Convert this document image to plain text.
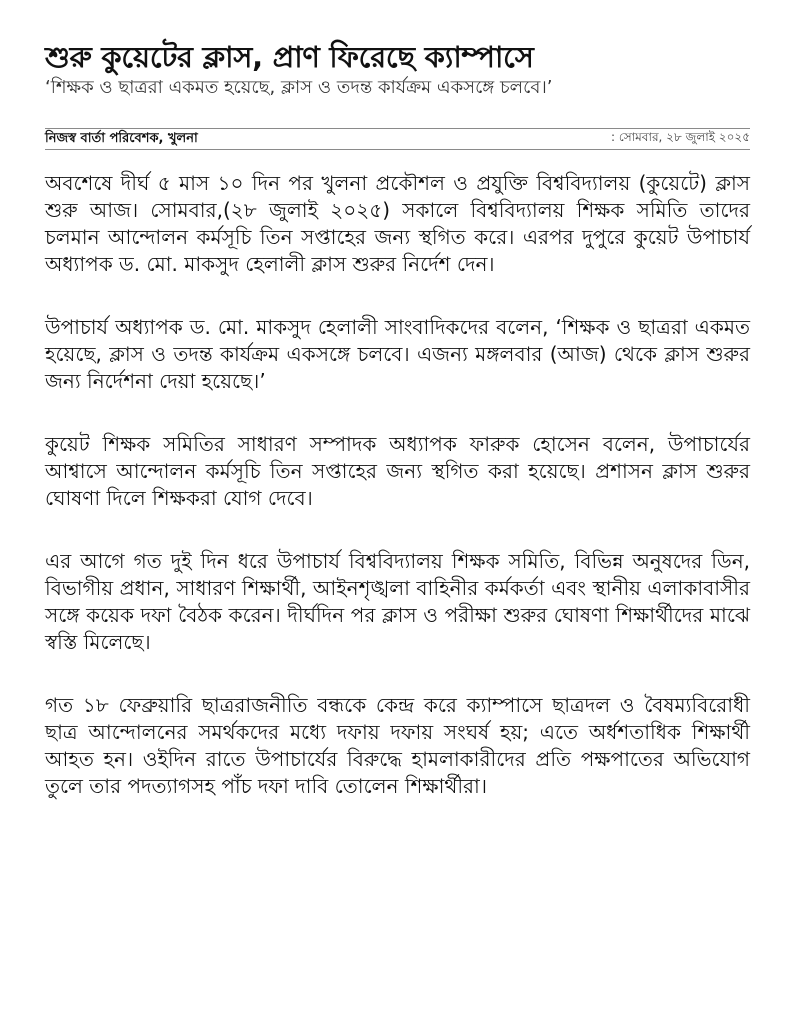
শুরু কুয়েটের ক্লাস, প্রাণ ফিরেছে ক্যাম্পাসে

‘শিক্ষক ও ছাত্ররা একমত হয়েছে, ক্লাস ও তদন্ত কার্যক্রম একসঙ্গে চলবে।’

নিজস্ব বার্তা পরিবেশক, খুলনা	: সোমবার, ২৮ জুলাই ২০২৫

অবশেষে দীর্ঘ ৫ মাস ১০ দিন পর খুলনা প্রকৌশল ও প্রযুক্তি বিশ্ববিদ্যালয় (কুয়েটে) ক্লাস শুরু আজ। সোমবার,(২৮ জুলাই ২০২৫) সকালে বিশ্ববিদ্যালয় শিক্ষক সমিতি তাদের চলমান আন্দোলন কর্মসূচি তিন সপ্তাহের জন্য স্থগিত করে। এরপর দুপুরে কুয়েট উপাচার্য অধ্যাপক ড. মো. মাকসুদ হেলালী ক্লাস শুরুর নির্দেশ দেন।

উপাচার্য অধ্যাপক ড. মো. মাকসুদ হেলালী সাংবাদিকদের বলেন, ‘শিক্ষক ও ছাত্ররা একমত হয়েছে, ক্লাস ও তদন্ত কার্যক্রম একসঙ্গে চলবে। এজন্য মঙ্গলবার (আজ) থেকে ক্লাস শুরুর জন্য নির্দেশনা দেয়া হয়েছে।’

কুয়েট শিক্ষক সমিতির সাধারণ সম্পাদক অধ্যাপক ফারুক হোসেন বলেন, উপাচার্যের আশ্বাসে আন্দোলন কর্মসূচি তিন সপ্তাহের জন্য স্থগিত করা হয়েছে। প্রশাসন ক্লাস শুরুর ঘোষণা দিলে শিক্ষকরা যোগ দেবে।

এর আগে গত দুই দিন ধরে উপাচার্য বিশ্ববিদ্যালয় শিক্ষক সমিতি, বিভিন্ন অনুষদের ডিন, বিভাগীয় প্রধান, সাধারণ শিক্ষার্থী, আইনশৃঙ্খলা বাহিনীর কর্মকর্তা এবং স্থানীয় এলাকাবাসীর সঙ্গে কয়েক দফা বৈঠক করেন। দীর্ঘদিন পর ক্লাস ও পরীক্ষা শুরুর ঘোষণা শিক্ষার্থীদের মাঝে স্বস্তি মিলেছে।

গত ১৮ ফেব্রুয়ারি ছাত্ররাজনীতি বন্ধকে কেন্দ্র করে ক্যাম্পাসে ছাত্রদল ও বৈষম্যবিরোধী ছাত্র আন্দোলনের সমর্থকদের মধ্যে দফায় দফায় সংঘর্ষ হয়; এতে অর্ধশতাধিক শিক্ষার্থী আহত হন। ওইদিন রাতে উপাচার্যের বিরুদ্ধে হামলাকারীদের প্রতি পক্ষপাতের অভিযোগ তুলে তার পদত্যাগসহ পাঁচ দফা দাবি তোলেন শিক্ষার্থীরা।
